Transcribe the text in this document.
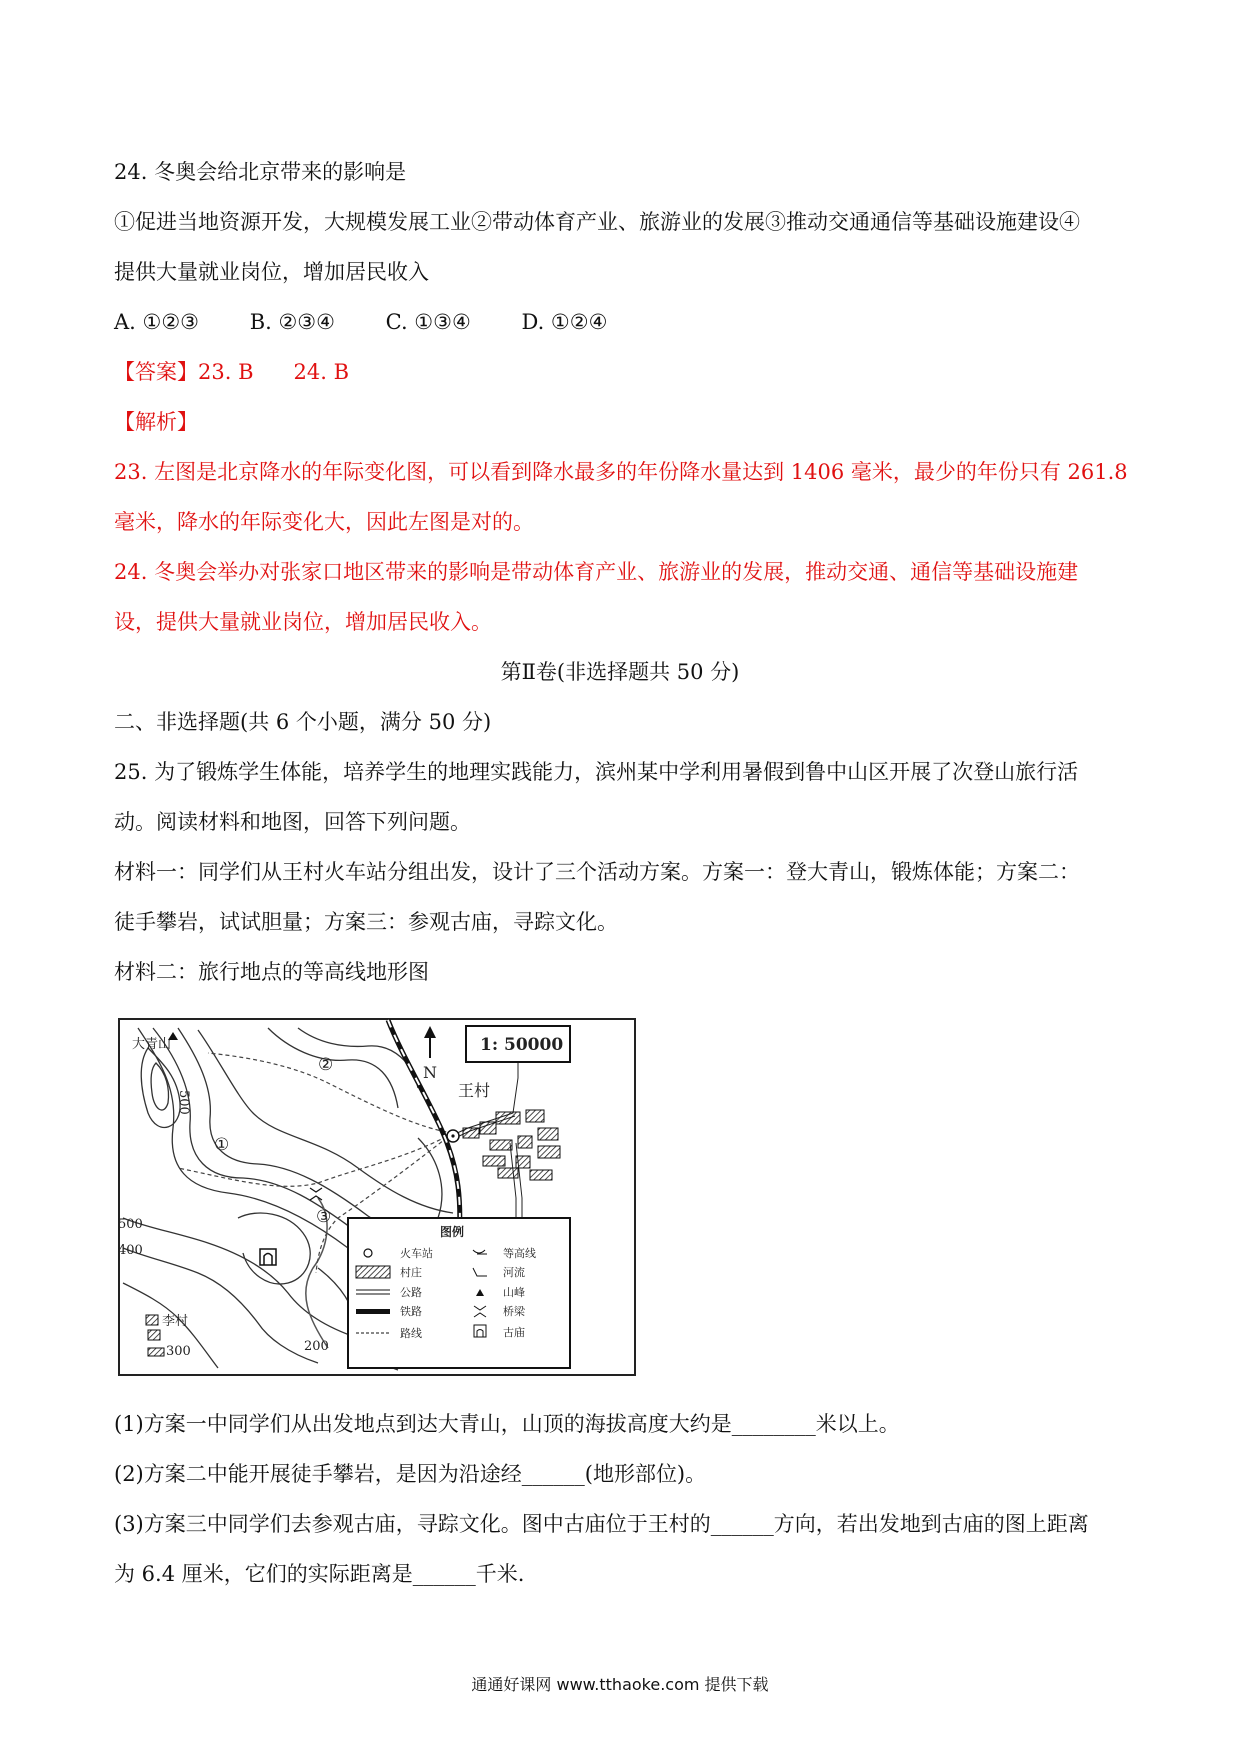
24. 冬奥会给北京带来的影响是
①促进当地资源开发，大规模发展工业②带动体育产业、旅游业的发展③推动交通通信等基础设施建设④
提供大量就业岗位，增加居民收入
A. ①②③ B. ②③④ C. ①③④ D. ①②④
【答案】23. B 24. B
【解析】
23. 左图是北京降水的年际变化图，可以看到降水最多的年份降水量达到 1406 毫米，最少的年份只有 261.8
毫米，降水的年际变化大，因此左图是对的。
24. 冬奥会举办对张家口地区带来的影响是带动体育产业、旅游业的发展，推动交通、通信等基础设施建
设，提供大量就业岗位，增加居民收入。
第Ⅱ卷(非选择题共 50 分)
二、非选择题(共 6 个小题，满分 50 分)
25. 为了锻炼学生体能，培养学生的地理实践能力，滨州某中学利用暑假到鲁中山区开展了次登山旅行活
动。阅读材料和地图，回答下列问题。
材料一：同学们从王村火车站分组出发，设计了三个活动方案。方案一：登大青山，锻炼体能；方案二：
徒手攀岩，试试胆量；方案三：参观古庙，寻踪文化。
材料二：旅行地点的等高线地形图
N
1: 50000
王村
大青山
李村
②
①
③
500
500
400
300	200
图例
火车站	等高线
村庄	河流
公路	山峰
铁路	桥梁
路线	古庙
(1)方案一中同学们从出发地点到达大青山，山顶的海拔高度大约是________米以上。
(2)方案二中能开展徒手攀岩，是因为沿途经______(地形部位)。
(3)方案三中同学们去参观古庙，寻踪文化。图中古庙位于王村的______方向，若出发地到古庙的图上距离
为 6.4 厘米，它们的实际距离是______千米.
通通好课网 www.tthaoke.com 提供下载
